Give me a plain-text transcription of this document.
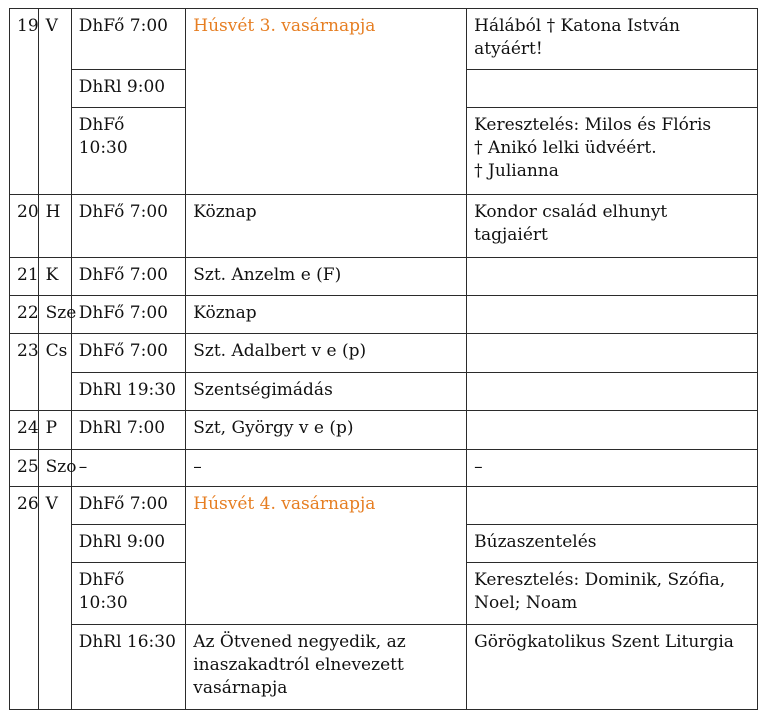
19	V	DhFő 7:00	Húsvét 3. vasárnapja	Hálából † Katona István
atyáért!
		DhRl 9:00		
		DhFő 10:30		Keresztelés: Milos és Flóris
† Anikó lelki üdvéért.
† Julianna
20	H	DhFő 7:00	Köznap	Kondor család elhunyt
tagjaiért
21	K	DhFő 7:00	Szt. Anzelm e (F)	
22	Sze	DhFő 7:00	Köznap	
23	Cs	DhFő 7:00	Szt. Adalbert v e (p)	
		DhRl 19:30	Szentségimádás	
24	P	DhRl 7:00	Szt, György v e (p)	
25	Szo	–	–	–
26	V	DhFő 7:00	Húsvét 4. vasárnapja	
		DhRl 9:00		Búzaszentelés
		DhFő 10:30		Keresztelés: Dominik, Szófia,
Noel; Noam
		DhRl 16:30	Az Ötvened negyedik, az
inaszakadtról elnevezett
vasárnapja	Görögkatolikus Szent Liturgia
